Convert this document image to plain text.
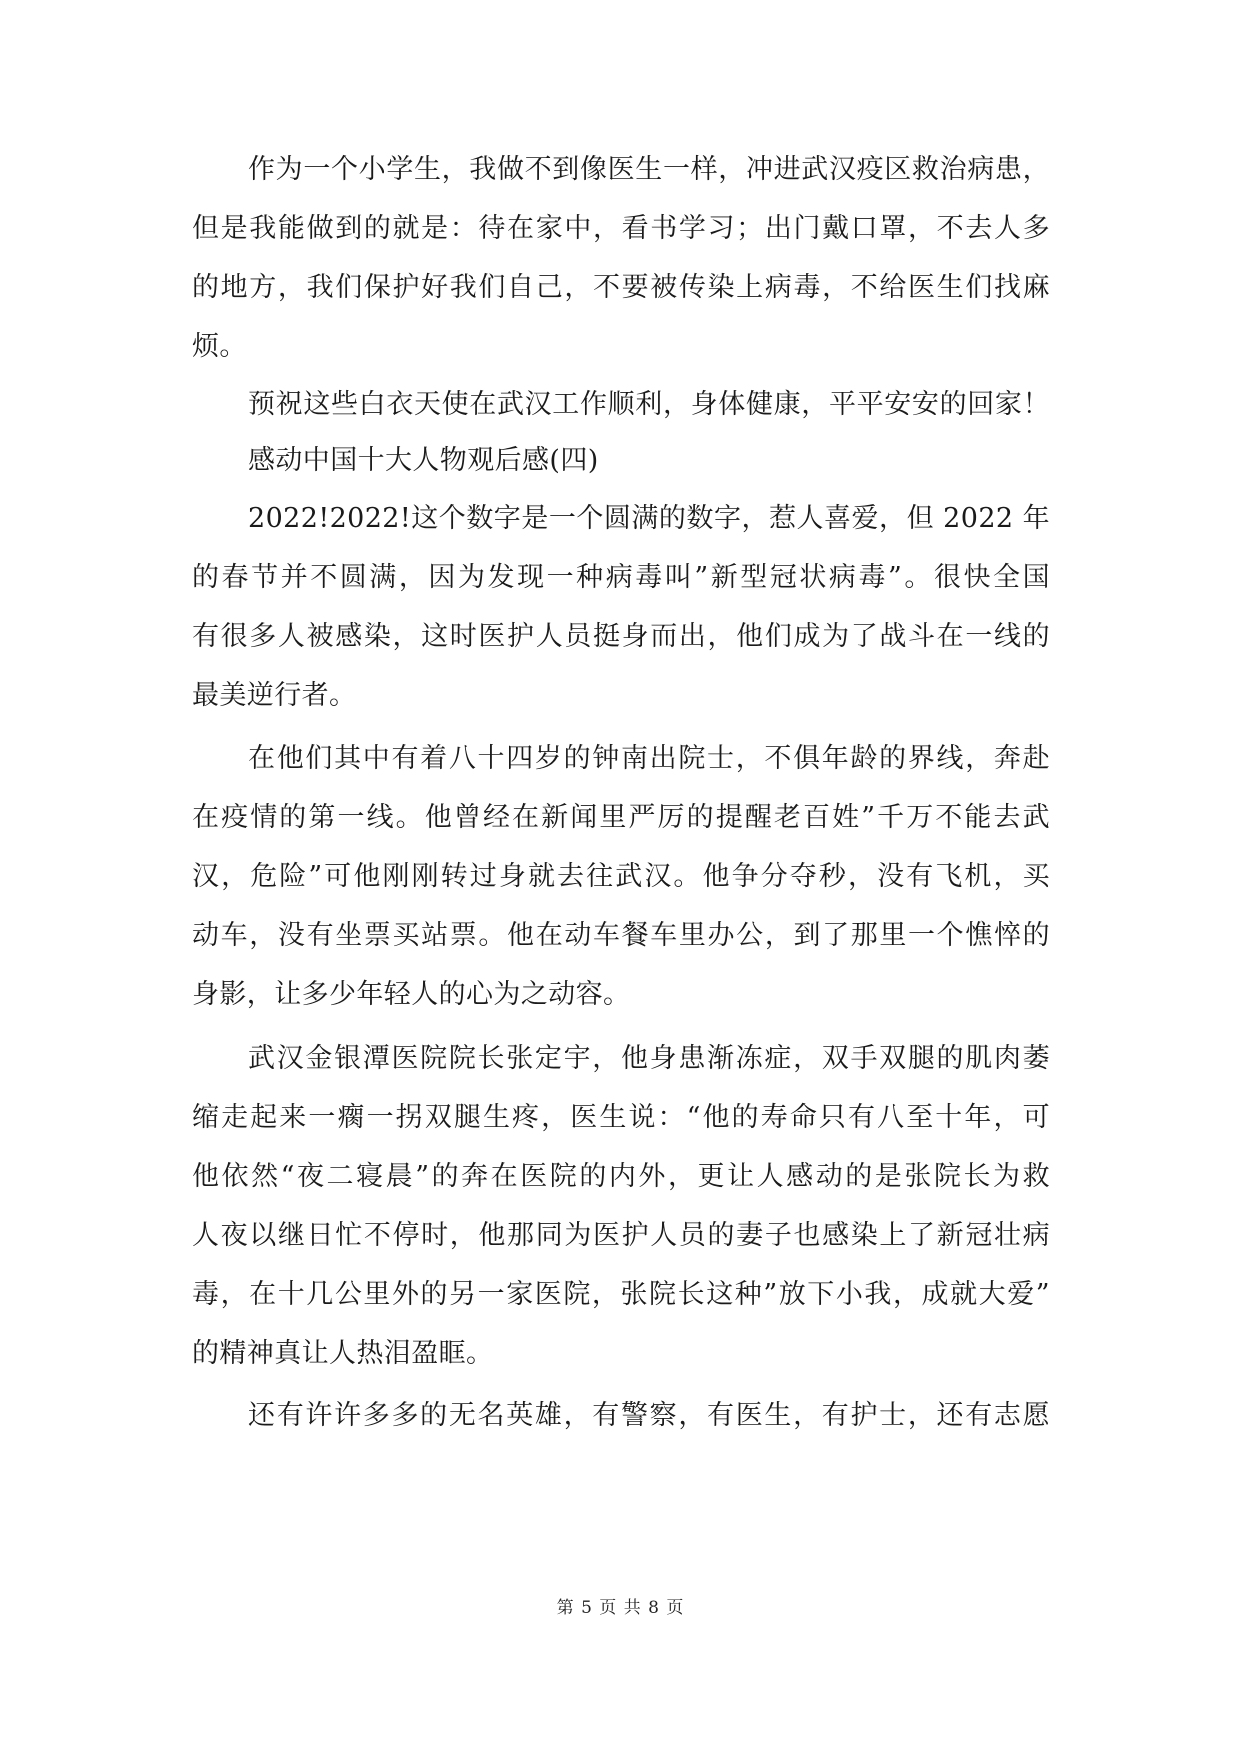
作为一个小学生，我做不到像医生一样，冲进武汉疫区救治病患，
但是我能做到的就是：待在家中，看书学习；出门戴口罩，不去人多
的地方，我们保护好我们自己，不要被传染上病毒，不给医生们找麻
烦。
预祝这些白衣天使在武汉工作顺利，身体健康，平平安安的回家！
感动中国十大人物观后感(四)
2022!2022!这个数字是一个圆满的数字，惹人喜爱，但 2022 年
的春节并不圆满，因为发现一种病毒叫”新型冠状病毒”。很快全国
有很多人被感染，这时医护人员挺身而出，他们成为了战斗在一线的
最美逆行者。
在他们其中有着八十四岁的钟南出院士，不俱年龄的界线，奔赴
在疫情的第一线。他曾经在新闻里严厉的提醒老百姓”千万不能去武
汉，危险”可他刚刚转过身就去往武汉。他争分夺秒，没有飞机，买
动车，没有坐票买站票。他在动车餐车里办公，到了那里一个憔悴的
身影，让多少年轻人的心为之动容。
武汉金银潭医院院长张定宇，他身患渐冻症，双手双腿的肌肉萎
缩走起来一瘸一拐双腿生疼，医生说：“他的寿命只有八至十年，可
他依然“夜二寝晨”的奔在医院的内外，更让人感动的是张院长为救
人夜以继日忙不停时，他那同为医护人员的妻子也感染上了新冠壮病
毒，在十几公里外的另一家医院，张院长这种”放下小我，成就大爱”
的精神真让人热泪盈眶。
还有许许多多的无名英雄，有警察，有医生，有护士，还有志愿
第 5 页 共 8 页
